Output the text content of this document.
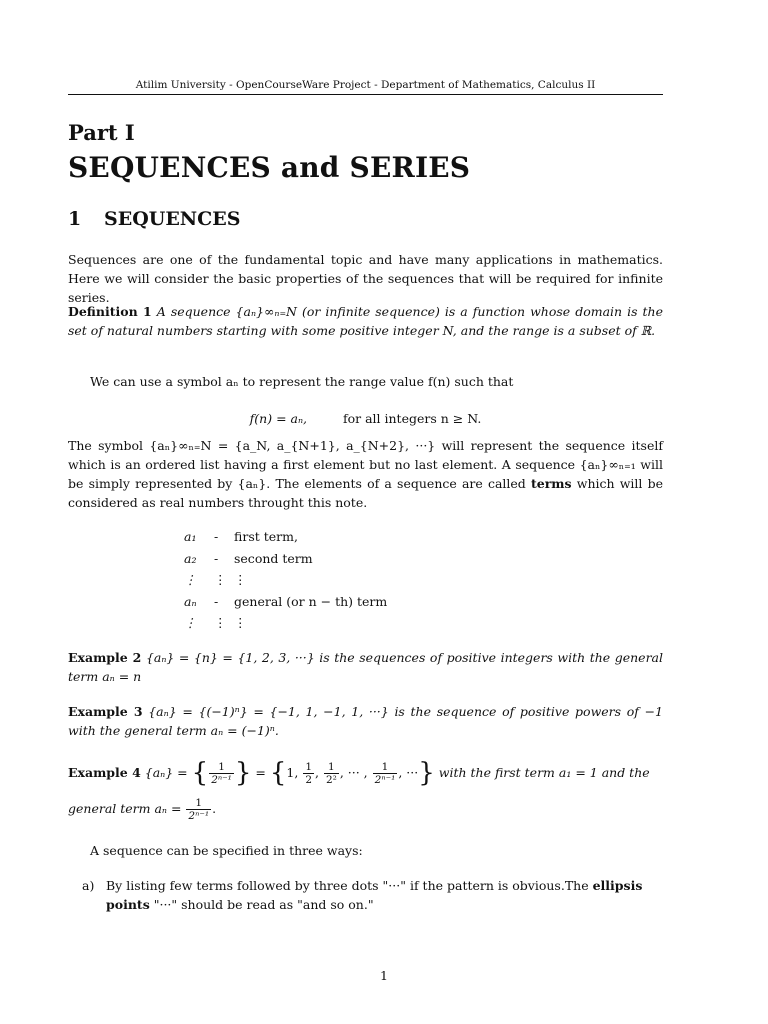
Atilim University - OpenCourseWare Project - Department of Mathematics, Calculus II
Part I
SEQUENCES and SERIES
1 SEQUENCES
Sequences are one of the fundamental topic and have many applications in mathematics. Here we will consider the basic properties of the sequences that will be required for infinite series.
Definition 1 A sequence {aₙ}∞ₙ₌N (or infinite sequence) is a function whose domain is the set of natural numbers starting with some positive integer N, and the range is a subset of ℝ.
We can use a symbol aₙ to represent the range value f(n) such that
f(n) = aₙ,	for all integers n ≥ N.
The symbol {aₙ}∞ₙ₌N = {a_N, a_{N+1}, a_{N+2}, ···} will represent the sequence itself which is an ordered list having a first element but no last element. A sequence {aₙ}∞ₙ₌₁ will be simply represented by {aₙ}. The elements of a sequence are called terms which will be considered as real numbers throught this note.
a₁	-	first term,
a₂	-	second term
⋮	⋮ ⋮
aₙ	-	general (or n − th) term
⋮	⋮ ⋮
Example 2 {aₙ} = {n} = {1, 2, 3, ···} is the sequences of positive integers with the general term aₙ = n
Example 3 {aₙ} = {(−1)ⁿ} = {−1, 1, −1, 1, ···} is the sequence of positive powers of −1 with the general term aₙ = (−1)ⁿ.
Example 4 {aₙ} = { $\frac{1}{\text{2ⁿ⁻¹}}$ } = {1, $\frac{1}{2}$ , $\frac{1}{\text{2²}}$ , ··· , $\frac{1}{\text{2ⁿ⁻¹}}$ , ···} with the first term a₁ = 1 and the
general term $a_n = \frac{1}{\text{2ⁿ⁻¹}}$ .
A sequence can be specified in three ways:
a) By listing few terms followed by three dots "···" if the pattern is obvious.The ellipsis points "···" should be read as "and so on."
1
